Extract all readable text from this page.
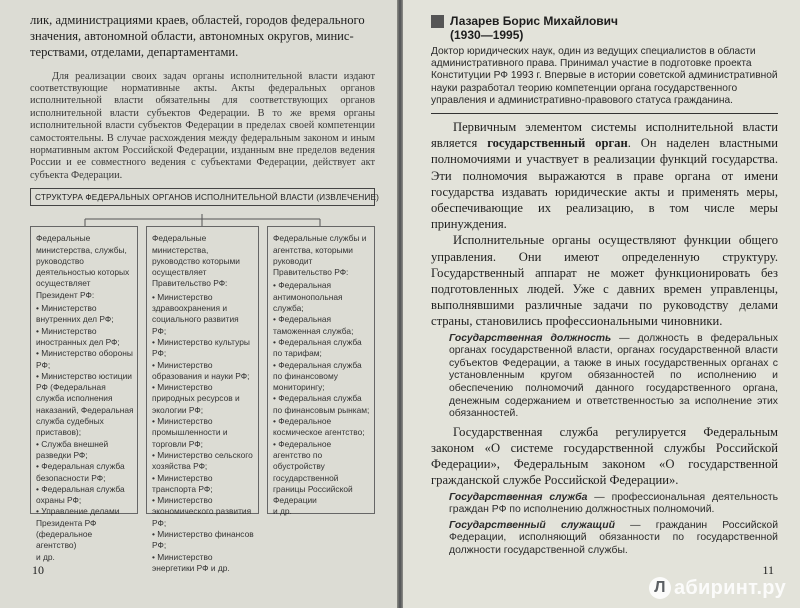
лик, администрациями краев, областей, городов федерального
значения, автономной области, автономных округов, минис-
терствами, отделами, департаментами.

Для реализации своих задач органы исполнительной власти издают соответствующие нормативные акты. Акты федеральных органов исполнительной власти обязательны для соответствующих органов исполнительной власти субъектов Федерации. В то же время органы исполнительной власти субъектов Федерации в пределах своей компетенции самостоятельны. В случае расхождения между федеральным законом и иным нормативным актом Российской Федерации, изданным вне пределов ведения России и ее совместного ведения с субъектами Федерации, действует акт субъекта Федерации.

СТРУКТУРА ФЕДЕРАЛЬНЫХ ОРГАНОВ ИСПОЛНИТЕЛЬНОЙ ВЛАСТИ (ИЗВЛЕЧЕНИЕ)

Федеральные министерства, службы, руководство деятельностью которых осуществляет Президент РФ:

• Министерство внутренних дел РФ;

• Министерство иностранных дел РФ;

• Министерство обороны РФ;

• Министерство юстиции РФ (Федеральная служба исполнения наказаний, Федеральная служба судебных приставов);

• Служба внешней разведки РФ;

• Федеральная служба безопасности РФ;

• Федеральная служба охраны РФ;

• Управление делами Президента РФ (федеральное агентство)

и др.

Федеральные министерства, руководство которыми осуществляет Правительство РФ:

• Министерство здравоохранения и социального развития РФ;

• Министерство культуры РФ;

• Министерство образования и науки РФ;

• Министерство природных ресурсов и экологии РФ;

• Министерство промышленности и торговли РФ;

• Министерство сельского хозяйства РФ;

• Министерство транспорта РФ;

• Министерство экономического развития РФ;

• Министерство финансов РФ;

• Министерство энергетики РФ и др.

Федеральные службы и агентства, которыми руководит Правительство РФ:

• Федеральная антимонопольная служба;

• Федеральная таможенная служба;

• Федеральная служба по тарифам;

• Федеральная служба по финансовому мониторингу;

• Федеральная служба по финансовым рынкам;

• Федеральное космическое агентство;

• Федеральное агентство по обустройству государственной границы Российской Федерации

и др.

10
Лазарев Борис Михайлович
(1930—1995)

Доктор юридических наук, один из ведущих специалистов в области административного права. Принимал участие в подготовке проекта Конституции РФ 1993 г. Впервые в истории советской административной науки разработал теорию компетенции органа государственного управления и административно-правового статуса гражданина.

Первичным элементом системы исполнительной власти является государственный орган. Он наделен властными полномочиями и участвует в реализации функций государства. Эти полномочия выражаются в праве органа от имени государства издавать юридические акты и применять меры, обеспечивающие их реализацию, в том числе меры принуждения.

Исполнительные органы осуществляют функции общего управления. Они имеют определенную структуру. Государственный аппарат не может функционировать без подготовленных людей. Уже с давних времен управленцы, выполнявшими различные задачи по руководству делами страны, становились профессиональными чиновники.

Государственная должность — должность в федеральных органах государственной власти, органах государственной власти субъектов Федерации, а также в иных государственных органах с установленным кругом обязанностей по исполнению и обеспечению полномочий данного государственного органа, денежным содержанием и ответственностью за исполнение этих обязанностей.

Государственная служба регулируется Федеральным законом «О системе государственной службы Российской Федерации», Федеральным законом «О государственной гражданской службе Российской Федерации».

Государственная служба — профессиональная деятельность граждан РФ по исполнению должностных полномочий.

Государственный служащий — гражданин Российской Федерации, исполняющий обязанности по государственной должности государственной службы.

11
Л абиринт.ру
